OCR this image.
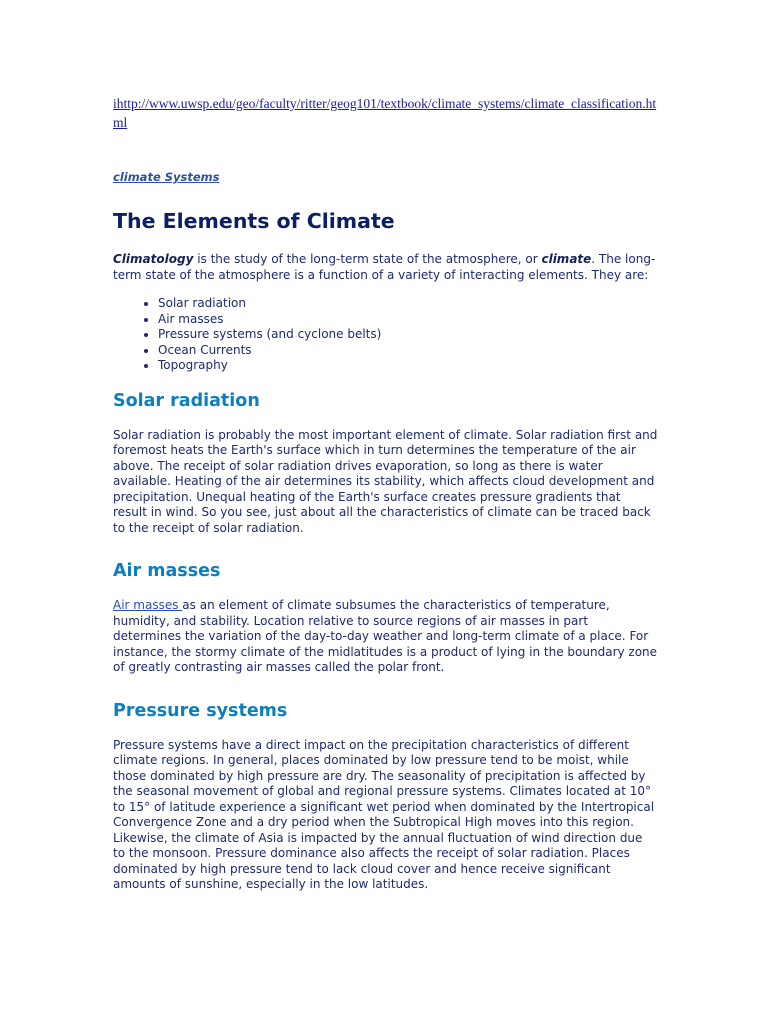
ihttp://www.uwsp.edu/geo/faculty/ritter/geog101/textbook/climate_systems/climate_classification.html
climate Systems
The Elements of Climate

Climatology is the study of the long-term state of the atmosphere, or climate. The long-term state of the atmosphere is a function of a variety of interacting elements. They are:

• Solar radiation
• Air masses
• Pressure systems (and cyclone belts)
• Ocean Currents
• Topography
Solar radiation

Solar radiation is probably the most important element of climate. Solar radiation first and foremost heats the Earth's surface which in turn determines the temperature of the air above. The receipt of solar radiation drives evaporation, so long as there is water available. Heating of the air determines its stability, which affects cloud development and precipitation. Unequal heating of the Earth's surface creates pressure gradients that result in wind. So you see, just about all the characteristics of climate can be traced back to the receipt of solar radiation.

Air masses

Air masses as an element of climate subsumes the characteristics of temperature, humidity, and stability. Location relative to source regions of air masses in part determines the variation of the day-to-day weather and long-term climate of a place. For instance, the stormy climate of the midlatitudes is a product of lying in the boundary zone of greatly contrasting air masses called the polar front.

Pressure systems

Pressure systems have a direct impact on the precipitation characteristics of different climate regions. In general, places dominated by low pressure tend to be moist, while those dominated by high pressure are dry. The seasonality of precipitation is affected by the seasonal movement of global and regional pressure systems. Climates located at 10° to 15° of latitude experience a significant wet period when dominated by the Intertropical Convergence Zone and a dry period when the Subtropical High moves into this region. Likewise, the climate of Asia is impacted by the annual fluctuation of wind direction due to the monsoon. Pressure dominance also affects the receipt of solar radiation. Places dominated by high pressure tend to lack cloud cover and hence receive significant amounts of sunshine, especially in the low latitudes.
